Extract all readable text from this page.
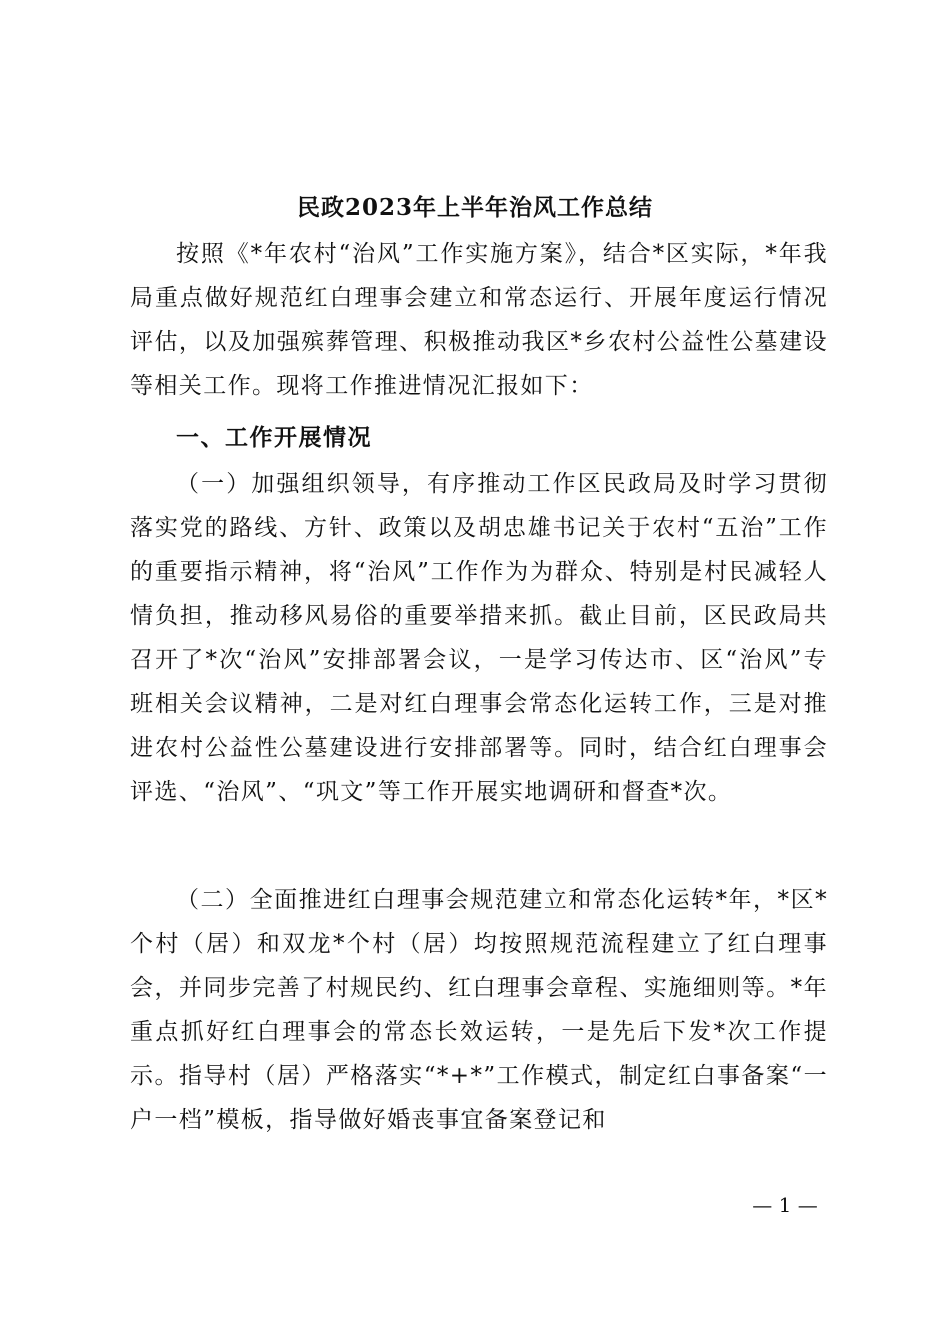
民政2023年上半年治风工作总结

按照《*年农村“治风”工作实施方案》，结合*区实际，*年我局重点做好规范红白理事会建立和常态运行、开展年度运行情况评估，以及加强殡葬管理、积极推动我区*乡农村公益性公墓建设等相关工作。现将工作推进情况汇报如下：

一、工作开展情况

（一）加强组织领导，有序推动工作区民政局及时学习贯彻落实党的路线、方针、政策以及胡忠雄书记关于农村“五治”工作的重要指示精神，将“治风”工作作为为群众、特别是村民减轻人情负担，推动移风易俗的重要举措来抓。截止目前，区民政局共召开了*次“治风”安排部署会议，一是学习传达市、区“治风”专班相关会议精神，二是对红白理事会常态化运转工作，三是对推进农村公益性公墓建设进行安排部署等。同时，结合红白理事会评选、“治风”、“巩文”等工作开展实地调研和督查*次。

（二）全面推进红白理事会规范建立和常态化运转*年，*区*个村（居）和双龙*个村（居）均按照规范流程建立了红白理事会，并同步完善了村规民约、红白理事会章程、实施细则等。*年重点抓好红白理事会的常态长效运转，一是先后下发*次工作提示。指导村（居）严格落实“*+*”工作模式，制定红白事备案“一户一档”模板，指导做好婚丧事宜备案登记和

— 1 —
